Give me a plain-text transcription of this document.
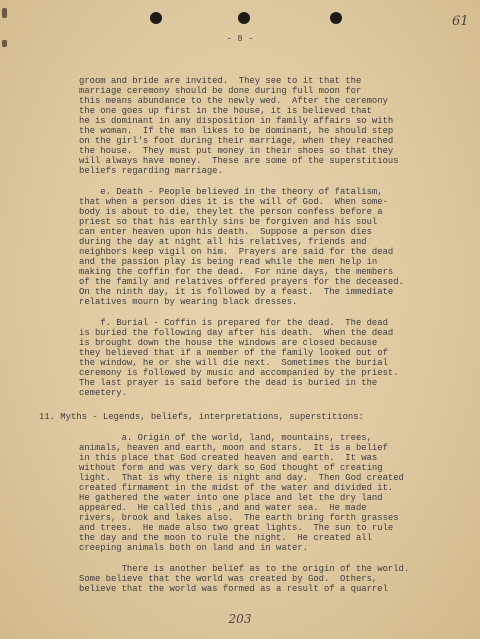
61
- 8 -
groom and bride are invited.  They see to it that the
marriage ceremony should be done during full moon for
this means abundance to the newly wed.  After the ceremony
the one goes up first in the house, it is believed that
he is dominant in any disposition in family affairs so with
the woman.  If the man likes to be dominant, he should step
on the girl's foot during their marriage, when they reached
the house.  They must put money in their shoes so that they
will always have money.  These are some of the superstitious
beliefs regarding marriage.
e. Death - People believed in the theory of fatalism,
that when a person dies it is the will of God.  When some-
body is about to die, theylet the person confess before a
priest so that his earthly sins be forgiven and his soul
can enter heaven upon his death.  Suppose a person dies
during the day at night all his relatives, friends and
neighbors keep vigil on him.  Prayers are said for the dead
and the passion play is being read while the men help in
making the coffin for the dead.  For nine days, the members
of the family and relatives offered prayers for the deceased.
On the ninth day, it is followed by a feast.  The immediate
relatives mourn by wearing black dresses.
f. Burial - Coffin is prepared for the dead.  The dead
is buried the following day after his death.  When the dead
is brought down the house the windows are closed because
they believed that if a member of the family looked out of
the window, he or she will die next.  Sometimes the burial
ceremony is followed by music and accompanied by the priest.
The last prayer is said before the dead is buried in the
cemetery.
11. Myths - Legends, beliefs, interpretations, superstitions:
a. Origin of the world, land, mountains, trees,
animals, heaven and earth, moon and stars.  It is a belief
in this place that God created heaven and earth.  It was
without form and was very dark so God thought of creating
light.  That is why there is night and day.  Then God created
created firmament in the midst of the water and divided it.
He gathered the water into one place and let the dry land
appeared.  He called this ,and and water sea.  He made
rivers, brook and lakes also.  The earth bring forth grasses
and trees.  He made also two great lights.  The sun to rule
the day and the moon to rule the night.  He created all
creeping animals both on land and in water.
There is another belief as to the origin of the world.
Some believe that the world was created by God.  Others,
believe that the world was formed as a result of a quarrel
203
